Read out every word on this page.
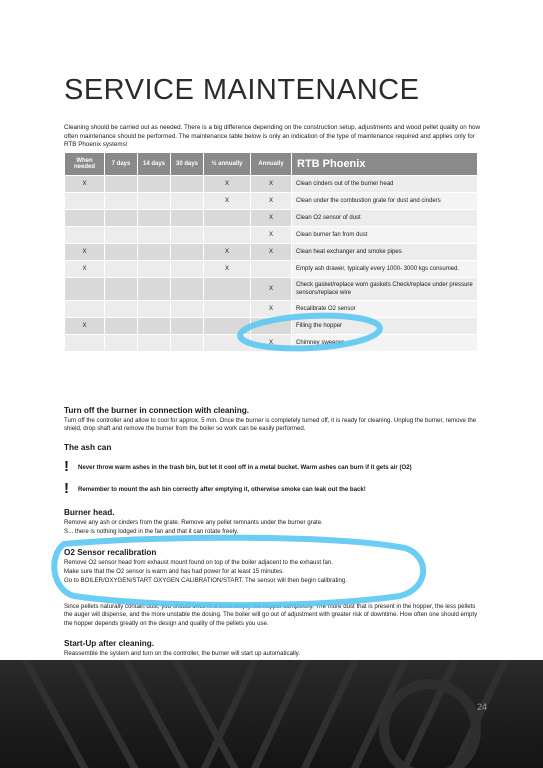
SERVICE MAINTENANCE

Cleaning should be carried out as needed. There is a big difference depending on the construction setup, adjustments and wood pellet quality on how often maintenance should be performed. The maintenance table below is only an indication of the type of maintenance required and applies only for RTB Phoenix systems!

When needed	7 days	14 days	30 days	½ annually	Annually	RTB Phoenix
X				X	X	Clean cinders out of the burner head
				X	X	Clean under the combustion grate for dust and cinders
					X	Clean O2 sensor of dust
					X	Clean burner fan from dust
X				X	X	Clean heat exchanger and smoke pipes
X				X		Empty ash drawer, typically every 1000- 3000 kgs consumed.
					X	Check gasket/replace worn gaskets Check/replace under pressure sensors/replace wire
					X	Recalibrate O2 sensor
X						Filling the hopper
					X	Chimney sweeper
Turn off the burner in connection with cleaning.

Turn off the controller and allow to cool for approx. 5 min. Once the burner is completely turned off, it is ready for cleaning. Unplug the burner, remove the shield, drop shaft and remove the burner from the boiler so work can be easily performed.

The ash can
!	Never throw warm ashes in the trash bin, but let it cool off in a metal bucket. Warm ashes can burn if it gets air (O2)
!	Remember to mount the ash bin correctly after emptying it, otherwise smoke can leak out the back!
Burner head.

Remove any ash or cinders from the grate. Remove any pellet remnants under the burner grate.

S... there is nothing lodged in the fan and that it can rotate freely.

O2 Sensor recalibration

Remove O2 sensor head from exhaust mount found on top of the boiler adjacent to the exhaust fan.

Make sure that the O2 sensor is warm and has had power for at least 15 minutes.

Go to BOILER/OXYGEN/START OXYGEN CALIBRATION/START. The sensor will then begin calibrating.

Since pellets naturally contain dust, you should once in a while empty the hopper completely. The more dust that is present in the hopper, the less pellets the auger will dispense, and the more unstable the dosing. The boiler will go out of adjustment with greater risk of downtime. How often one should empty the hopper depends greatly on the design and quality of the pellets you use.

Start-Up after cleaning.

Reassemble the system and turn on the controller, the burner will start up automatically.

24
